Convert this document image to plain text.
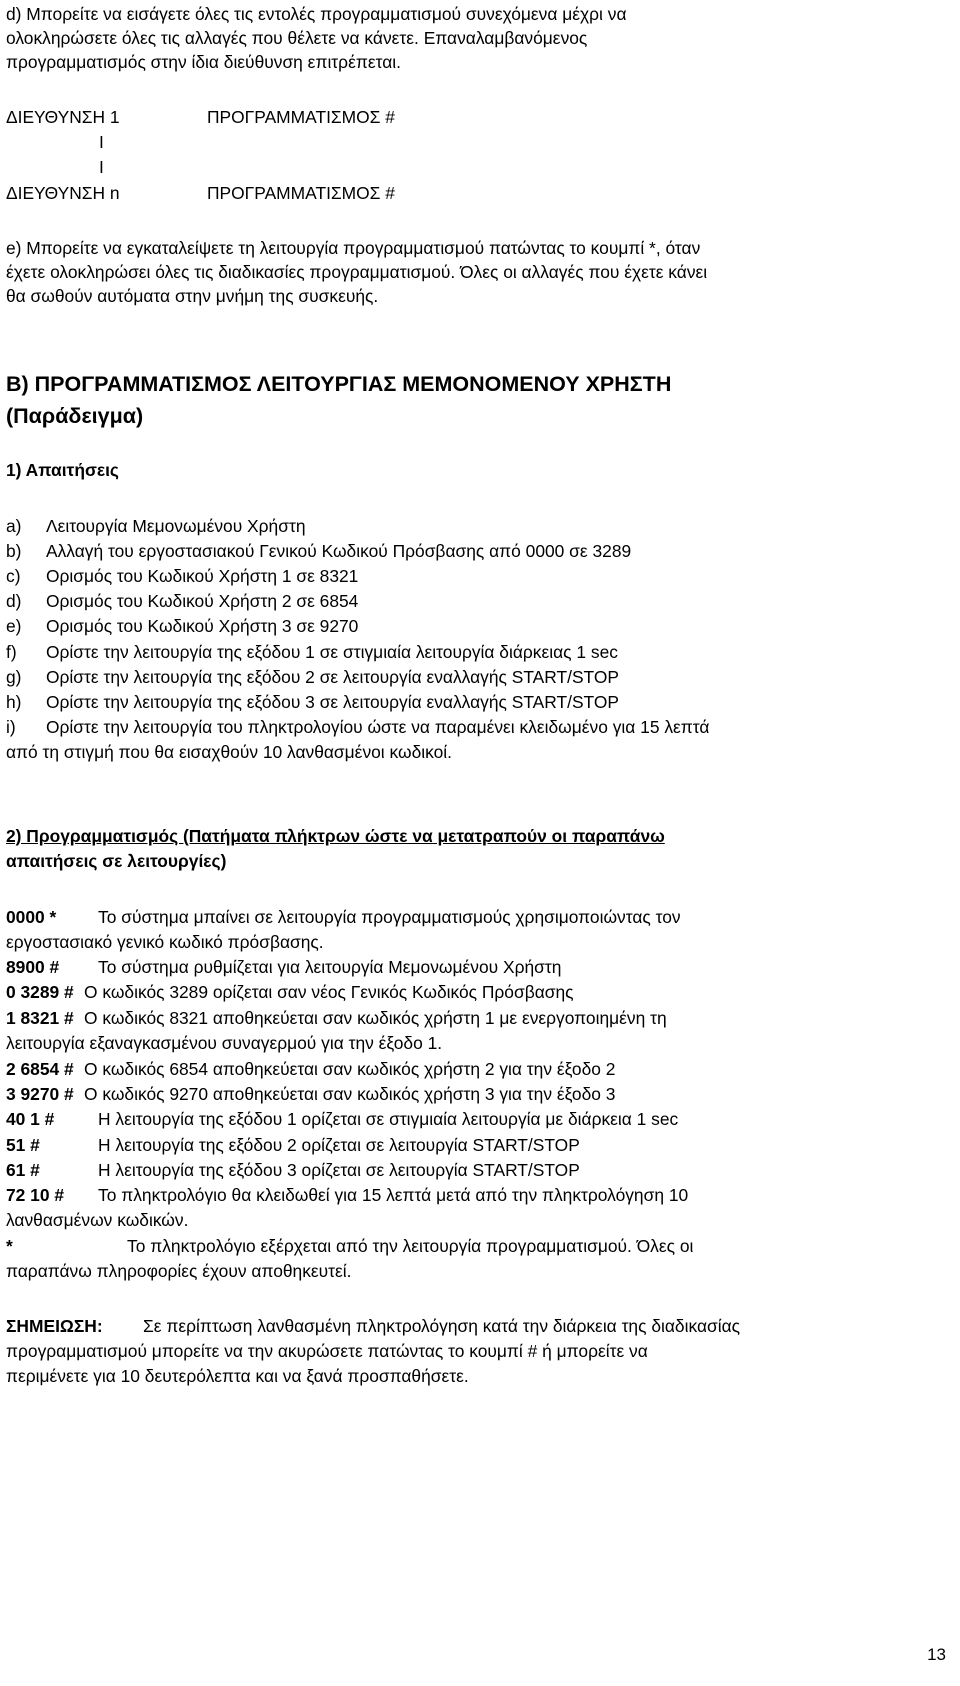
d) Μπορείτε να εισάγετε όλες τις εντολές προγραμματισμού συνεχόμενα μέχρι να
ολοκληρώσετε όλες τις αλλαγές που θέλετε να κάνετε. Επαναλαμβανόμενος
προγραμματισμός στην ίδια διεύθυνση επιτρέπεται.
ΔΙΕΥΘΥΝΣΗ 1	ΠΡΟΓΡΑΜΜΑΤΙΣΜΟΣ #
I
I
ΔΙΕΥΘΥΝΣΗ n	ΠΡΟΓΡΑΜΜΑΤΙΣΜΟΣ #
e) Μπορείτε να εγκαταλείψετε τη λειτουργία προγραμματισμού πατώντας το κουμπί *, όταν
έχετε ολοκληρώσει όλες τις διαδικασίες προγραμματισμού. Όλες οι αλλαγές που έχετε κάνει
θα σωθούν αυτόματα στην μνήμη της συσκευής.
Β) ΠΡΟΓΡΑΜΜΑΤΙΣΜΟΣ ΛΕΙΤΟΥΡΓΙΑΣ ΜΕΜΟΝΟΜΕΝΟΥ ΧΡΗΣΤΗ
(Παράδειγμα)
1) Απαιτήσεις
a) Λειτουργία Μεμονωμένου Χρήστη
b) Αλλαγή του εργοστασιακού Γενικού Κωδικού Πρόσβασης από 0000 σε 3289
c) Ορισμός του Κωδικού Χρήστη 1 σε 8321
d) Ορισμός του Κωδικού Χρήστη 2 σε 6854
e) Ορισμός του Κωδικού Χρήστη 3 σε 9270
f) Ορίστε την λειτουργία της εξόδου 1 σε στιγμιαία λειτουργία διάρκειας 1 sec
g) Ορίστε την λειτουργία της εξόδου 2 σε λειτουργία εναλλαγής START/STOP
h) Ορίστε την λειτουργία της εξόδου 3 σε λειτουργία εναλλαγής START/STOP
i) Ορίστε την λειτουργία του πληκτρολογίου ώστε να παραμένει κλειδωμένο για 15 λεπτά
από τη στιγμή που θα εισαχθούν 10 λανθασμένοι κωδικοί.
2) Προγραμματισμός (Πατήματα πλήκτρων ώστε να μετατραπούν οι παραπάνω
απαιτήσεις σε λειτουργίες)
0000 * Το σύστημα μπαίνει σε λειτουργία προγραμματισμούς χρησιμοποιώντας τον
εργοστασιακό γενικό κωδικό πρόσβασης.
8900 # Το σύστημα ρυθμίζεται για λειτουργία Μεμονωμένου Χρήστη
0 3289 # Ο κωδικός 3289 ορίζεται σαν νέος Γενικός Κωδικός Πρόσβασης
1 8321 # Ο κωδικός 8321 αποθηκεύεται σαν κωδικός χρήστη 1 με ενεργοποιημένη τη
λειτουργία εξαναγκασμένου συναγερμού για την έξοδο 1.
2 6854 # Ο κωδικός 6854 αποθηκεύεται σαν κωδικός χρήστη 2 για την έξοδο 2
3 9270 # Ο κωδικός 9270 αποθηκεύεται σαν κωδικός χρήστη 3 για την έξοδο 3
40 1 #	Η λειτουργία της εξόδου 1 ορίζεται σε στιγμιαία λειτουργία με διάρκεια 1 sec
51 #	Η λειτουργία της εξόδου 2 ορίζεται σε λειτουργία START/STOP
61 #	Η λειτουργία της εξόδου 3 ορίζεται σε λειτουργία START/STOP
72 10 # Το πληκτρολόγιο θα κλειδωθεί για 15 λεπτά μετά από την πληκτρολόγηση 10
λανθασμένων κωδικών.
*	Το πληκτρολόγιο εξέρχεται από την λειτουργία προγραμματισμού. Όλες οι
παραπάνω πληροφορίες έχουν αποθηκευτεί.
ΣΗΜΕΙΩΣΗ: Σε περίπτωση λανθασμένη πληκτρολόγηση κατά την διάρκεια της διαδικασίας
προγραμματισμού μπορείτε να την ακυρώσετε πατώντας το κουμπί # ή μπορείτε να
περιμένετε για 10 δευτερόλεπτα και να ξανά προσπαθήσετε.
13
